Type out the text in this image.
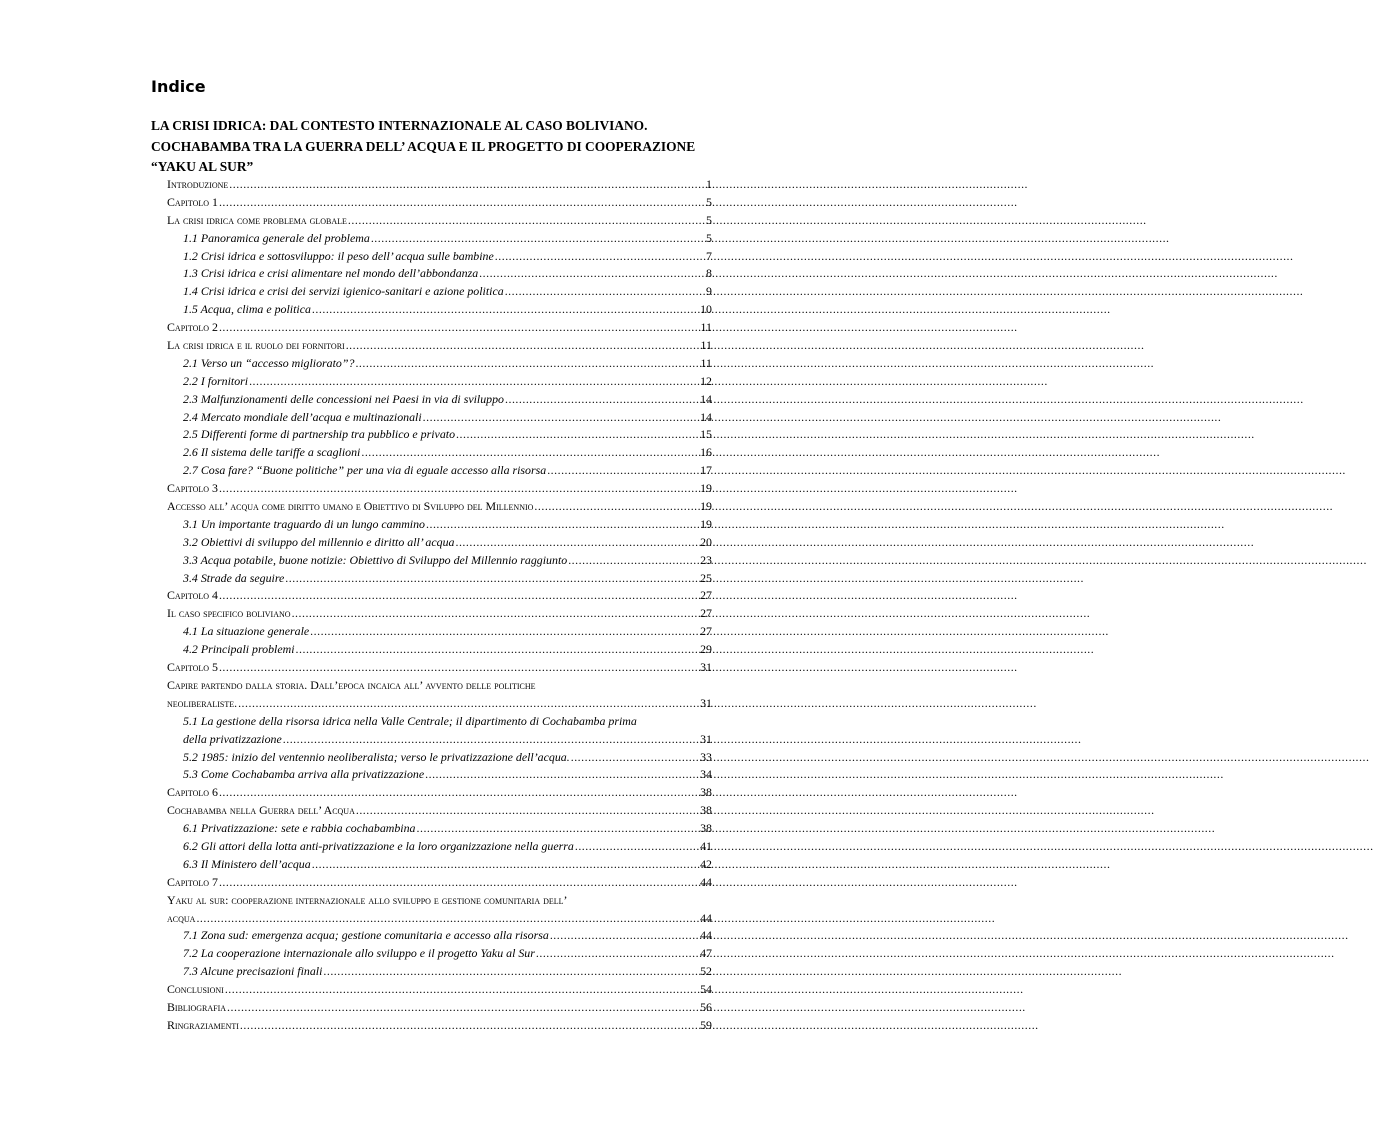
Indice
LA CRISI IDRICA: DAL CONTESTO INTERNAZIONALE AL CASO BOLIVIANO.
COCHABAMBA TRA LA GUERRA DELL’ ACQUA E IL PROGETTO DI COOPERAZIONE
“YAKU AL SUR”
Introduzione .....	1
Capitolo 1 .....	5
La crisi idrica come problema globale .....	5
1.1 Panoramica generale del problema .....	5
1.2 Crisi idrica e sottosviluppo: il peso dell’ acqua sulle bambine .....	7
1.3 Crisi idrica e crisi alimentare nel mondo dell’abbondanza .....	8
1.4 Crisi idrica e crisi dei servizi igienico-sanitari e azione politica .....	9
1.5 Acqua, clima e politica .....	10
Capitolo 2 .....	11
La crisi idrica e il ruolo dei fornitori .....	11
2.1 Verso un “accesso migliorato”? .....	11
2.2 I fornitori .....	12
2.3 Malfunzionamenti delle concessioni nei Paesi in via di sviluppo .....	14
2.4 Mercato mondiale dell’acqua e multinazionali .....	14
2.5 Differenti forme di partnership tra pubblico e privato .....	15
2.6 Il sistema delle tariffe a scaglioni .....	16
2.7 Cosa fare? “Buone politiche” per una via di eguale accesso alla risorsa .....	17
Capitolo 3 .....	19
Accesso all’ acqua come diritto umano e Obiettivo di Sviluppo del Millennio .....	19
3.1 Un importante traguardo di un lungo cammino .....	19
3.2 Obiettivi di sviluppo del millennio e diritto all’ acqua .....	20
3.3 Acqua potabile, buone notizie: Obiettivo di Sviluppo del Millennio raggiunto .....	23
3.4 Strade da seguire .....	25
Capitolo 4 .....	27
Il caso specifico boliviano .....	27
4.1 La situazione generale .....	27
4.2 Principali problemi .....	29
Capitolo 5 .....	31
Capire partendo dalla storia. Dall’epoca incaica all’ avvento delle politiche
neoliberaliste. .....	31
5.1 La gestione della risorsa idrica nella Valle Centrale; il dipartimento di Cochabamba prima
della privatizzazione .....	31
5.2 1985: inizio del ventennio neoliberalista; verso le privatizzazione dell’acqua. .....	33
5.3 Come Cochabamba arriva alla privatizzazione .....	34
Capitolo 6 .....	38
Cochabamba nella Guerra dell’ Acqua .....	38
6.1 Privatizzazione: sete e rabbia cochabambina .....	38
6.2 Gli attori della lotta anti-privatizzazione e la loro organizzazione nella guerra .....	41
6.3 Il Ministero dell’acqua .....	42
Capitolo 7 .....	44
Yaku al sur: cooperazione internazionale allo sviluppo e gestione comunitaria dell’
acqua .....	44
7.1 Zona sud: emergenza acqua; gestione comunitaria e accesso alla risorsa .....	44
7.2 La cooperazione internazionale allo sviluppo e il progetto Yaku al Sur .....	47
7.3 Alcune precisazioni finali .....	52
Conclusioni .....	54
Bibliografia .....	56
Ringraziamenti .....	59
